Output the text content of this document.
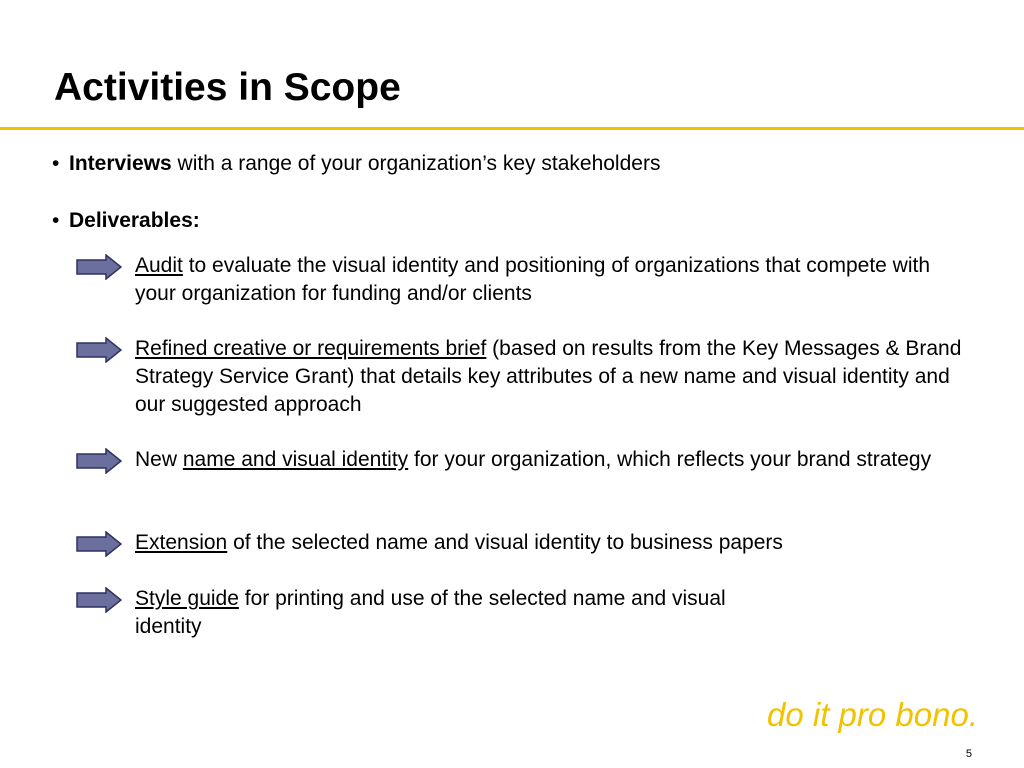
Activities in Scope
• Interviews with a range of your organization’s key stakeholders
• Deliverables:
Audit to evaluate the visual identity and positioning of organizations that compete with your organization for funding and/or clients
Refined creative or requirements brief (based on results from the Key Messages & Brand Strategy Service Grant) that details key attributes of a new name and visual identity and our suggested approach
New name and visual identity for your organization, which reflects your brand strategy
Extension of the selected name and visual identity to business papers
Style guide for printing and use of the selected name and visual identity
do it pro bono.
5
